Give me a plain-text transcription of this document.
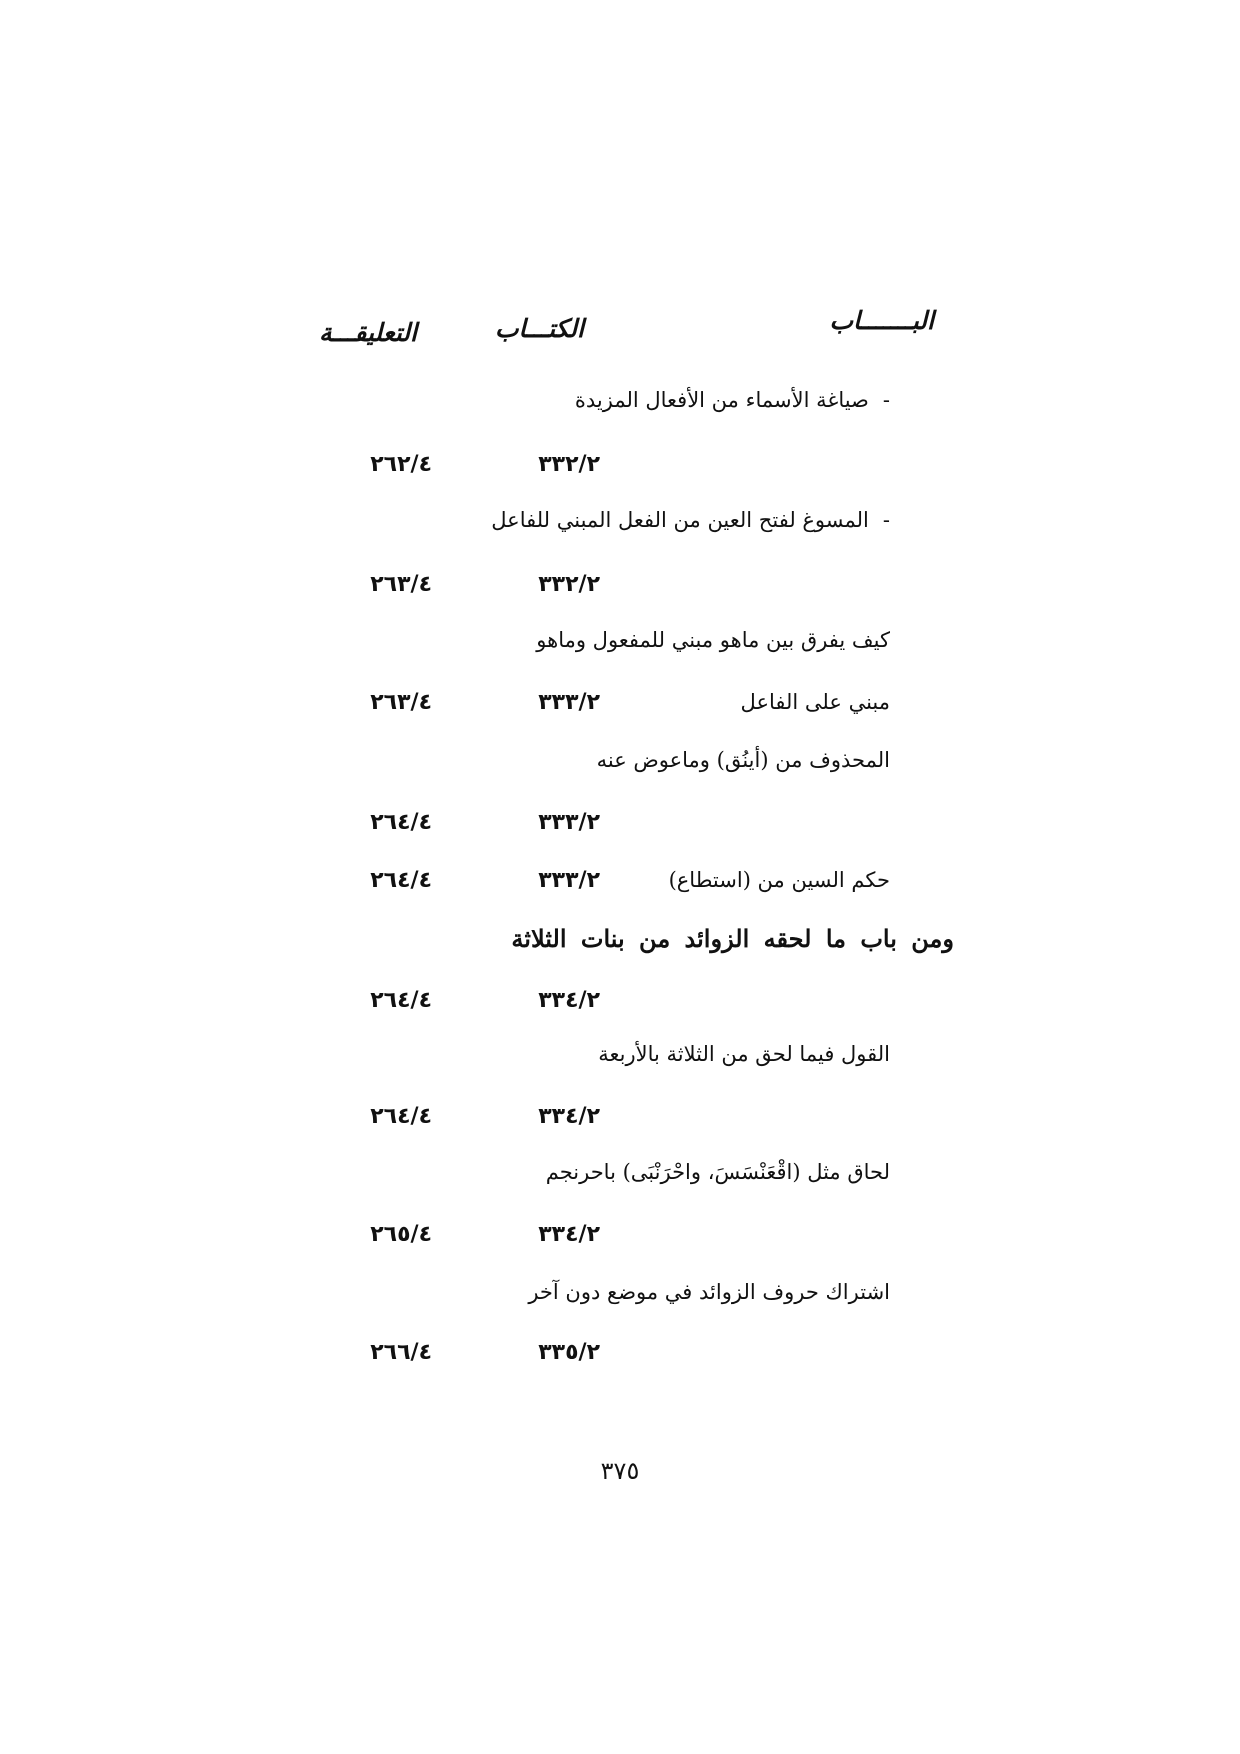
البـــــــاب
الكتـــاب
التعليقـــة
-صياغة الأسماء من الأفعال المزيدة
٣٣٢/٢
٢٦٢/٤
-المسوغ لفتح العين من الفعل المبني للفاعل
٣٣٢/٢
٢٦٣/٤
كيف يفرق بين ماهو مبني للمفعول وماهو
مبني على الفاعل
٣٣٣/٢
٢٦٣/٤
المحذوف من (أينُق) وماعوض عنه
٣٣٣/٢
٢٦٤/٤
حكم السين من (استطاع)
٣٣٣/٢
٢٦٤/٤
ومن باب ما لحقه الزوائد من بنات الثلاثة
٣٣٤/٢
٢٦٤/٤
القول فيما لحق من الثلاثة بالأربعة
٣٣٤/٢
٢٦٤/٤
لحاق مثل (اقْعَنْسَسَ، واحْرَنْبَى) باحرنجم
٣٣٤/٢
٢٦٥/٤
اشتراك حروف الزوائد في موضع دون آخر
٣٣٥/٢
٢٦٦/٤
٣٧٥
